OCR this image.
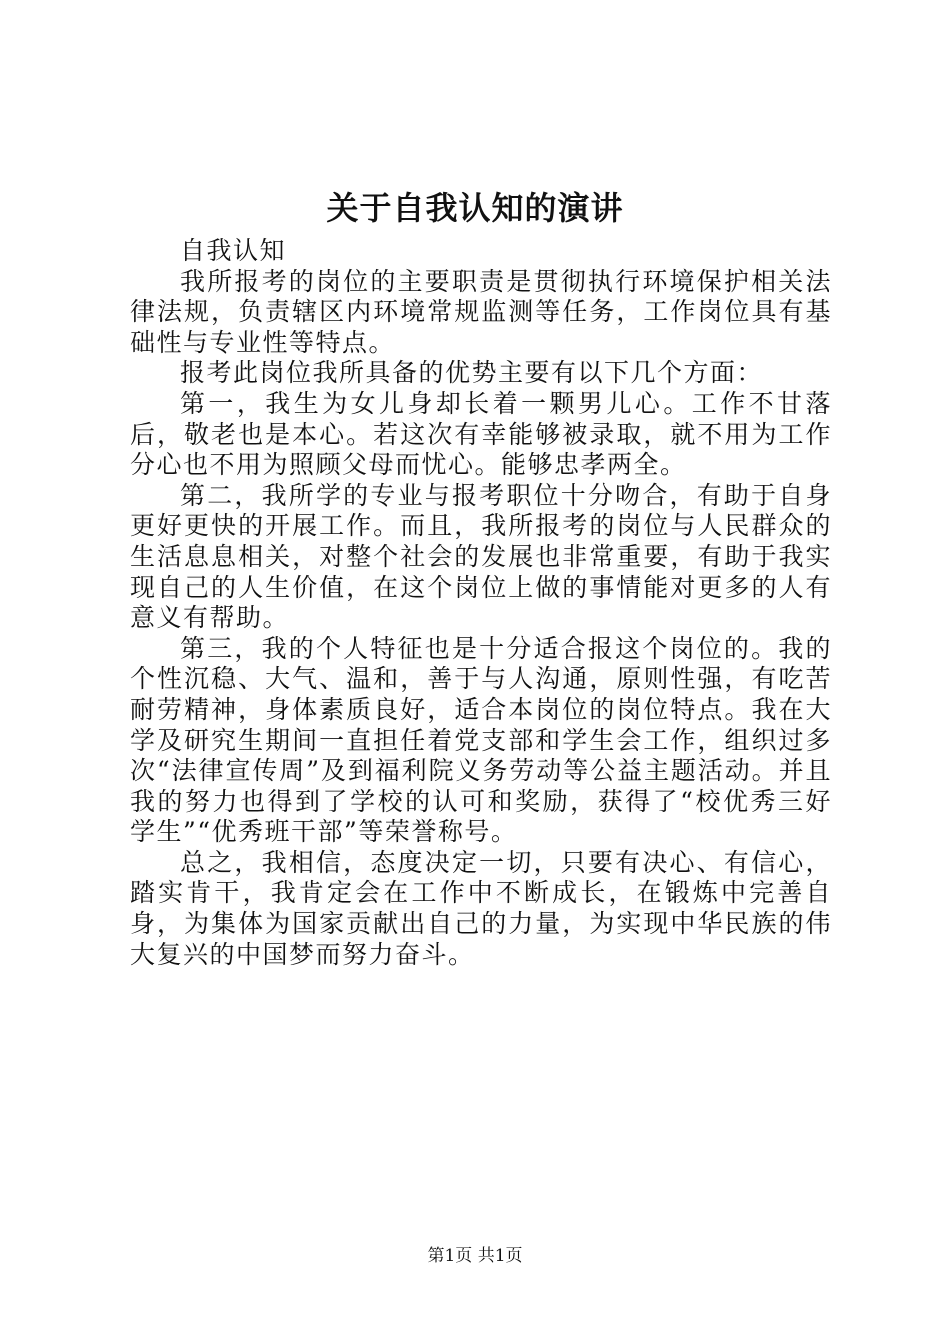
关于自我认知的演讲

自我认知

我所报考的岗位的主要职责是贯彻执行环境保护相关法律法规，负责辖区内环境常规监测等任务，工作岗位具有基础性与专业性等特点。

报考此岗位我所具备的优势主要有以下几个方面：

第一，我生为女儿身却长着一颗男儿心。工作不甘落后，敬老也是本心。若这次有幸能够被录取，就不用为工作分心也不用为照顾父母而忧心。能够忠孝两全。

第二，我所学的专业与报考职位十分吻合，有助于自身更好更快的开展工作。而且，我所报考的岗位与人民群众的生活息息相关，对整个社会的发展也非常重要，有助于我实现自己的人生价值，在这个岗位上做的事情能对更多的人有意义有帮助。

第三，我的个人特征也是十分适合报这个岗位的。我的个性沉稳、大气、温和，善于与人沟通，原则性强，有吃苦耐劳精神，身体素质良好，适合本岗位的岗位特点。我在大学及研究生期间一直担任着党支部和学生会工作，组织过多次“法律宣传周”及到福利院义务劳动等公益主题活动。并且我的努力也得到了学校的认可和奖励，获得了“校优秀三好学生”“优秀班干部”等荣誉称号。

总之，我相信，态度决定一切，只要有决心、有信心，踏实肯干，我肯定会在工作中不断成长，在锻炼中完善自身，为集体为国家贡献出自己的力量，为实现中华民族的伟大复兴的中国梦而努力奋斗。

第1页 共1页
